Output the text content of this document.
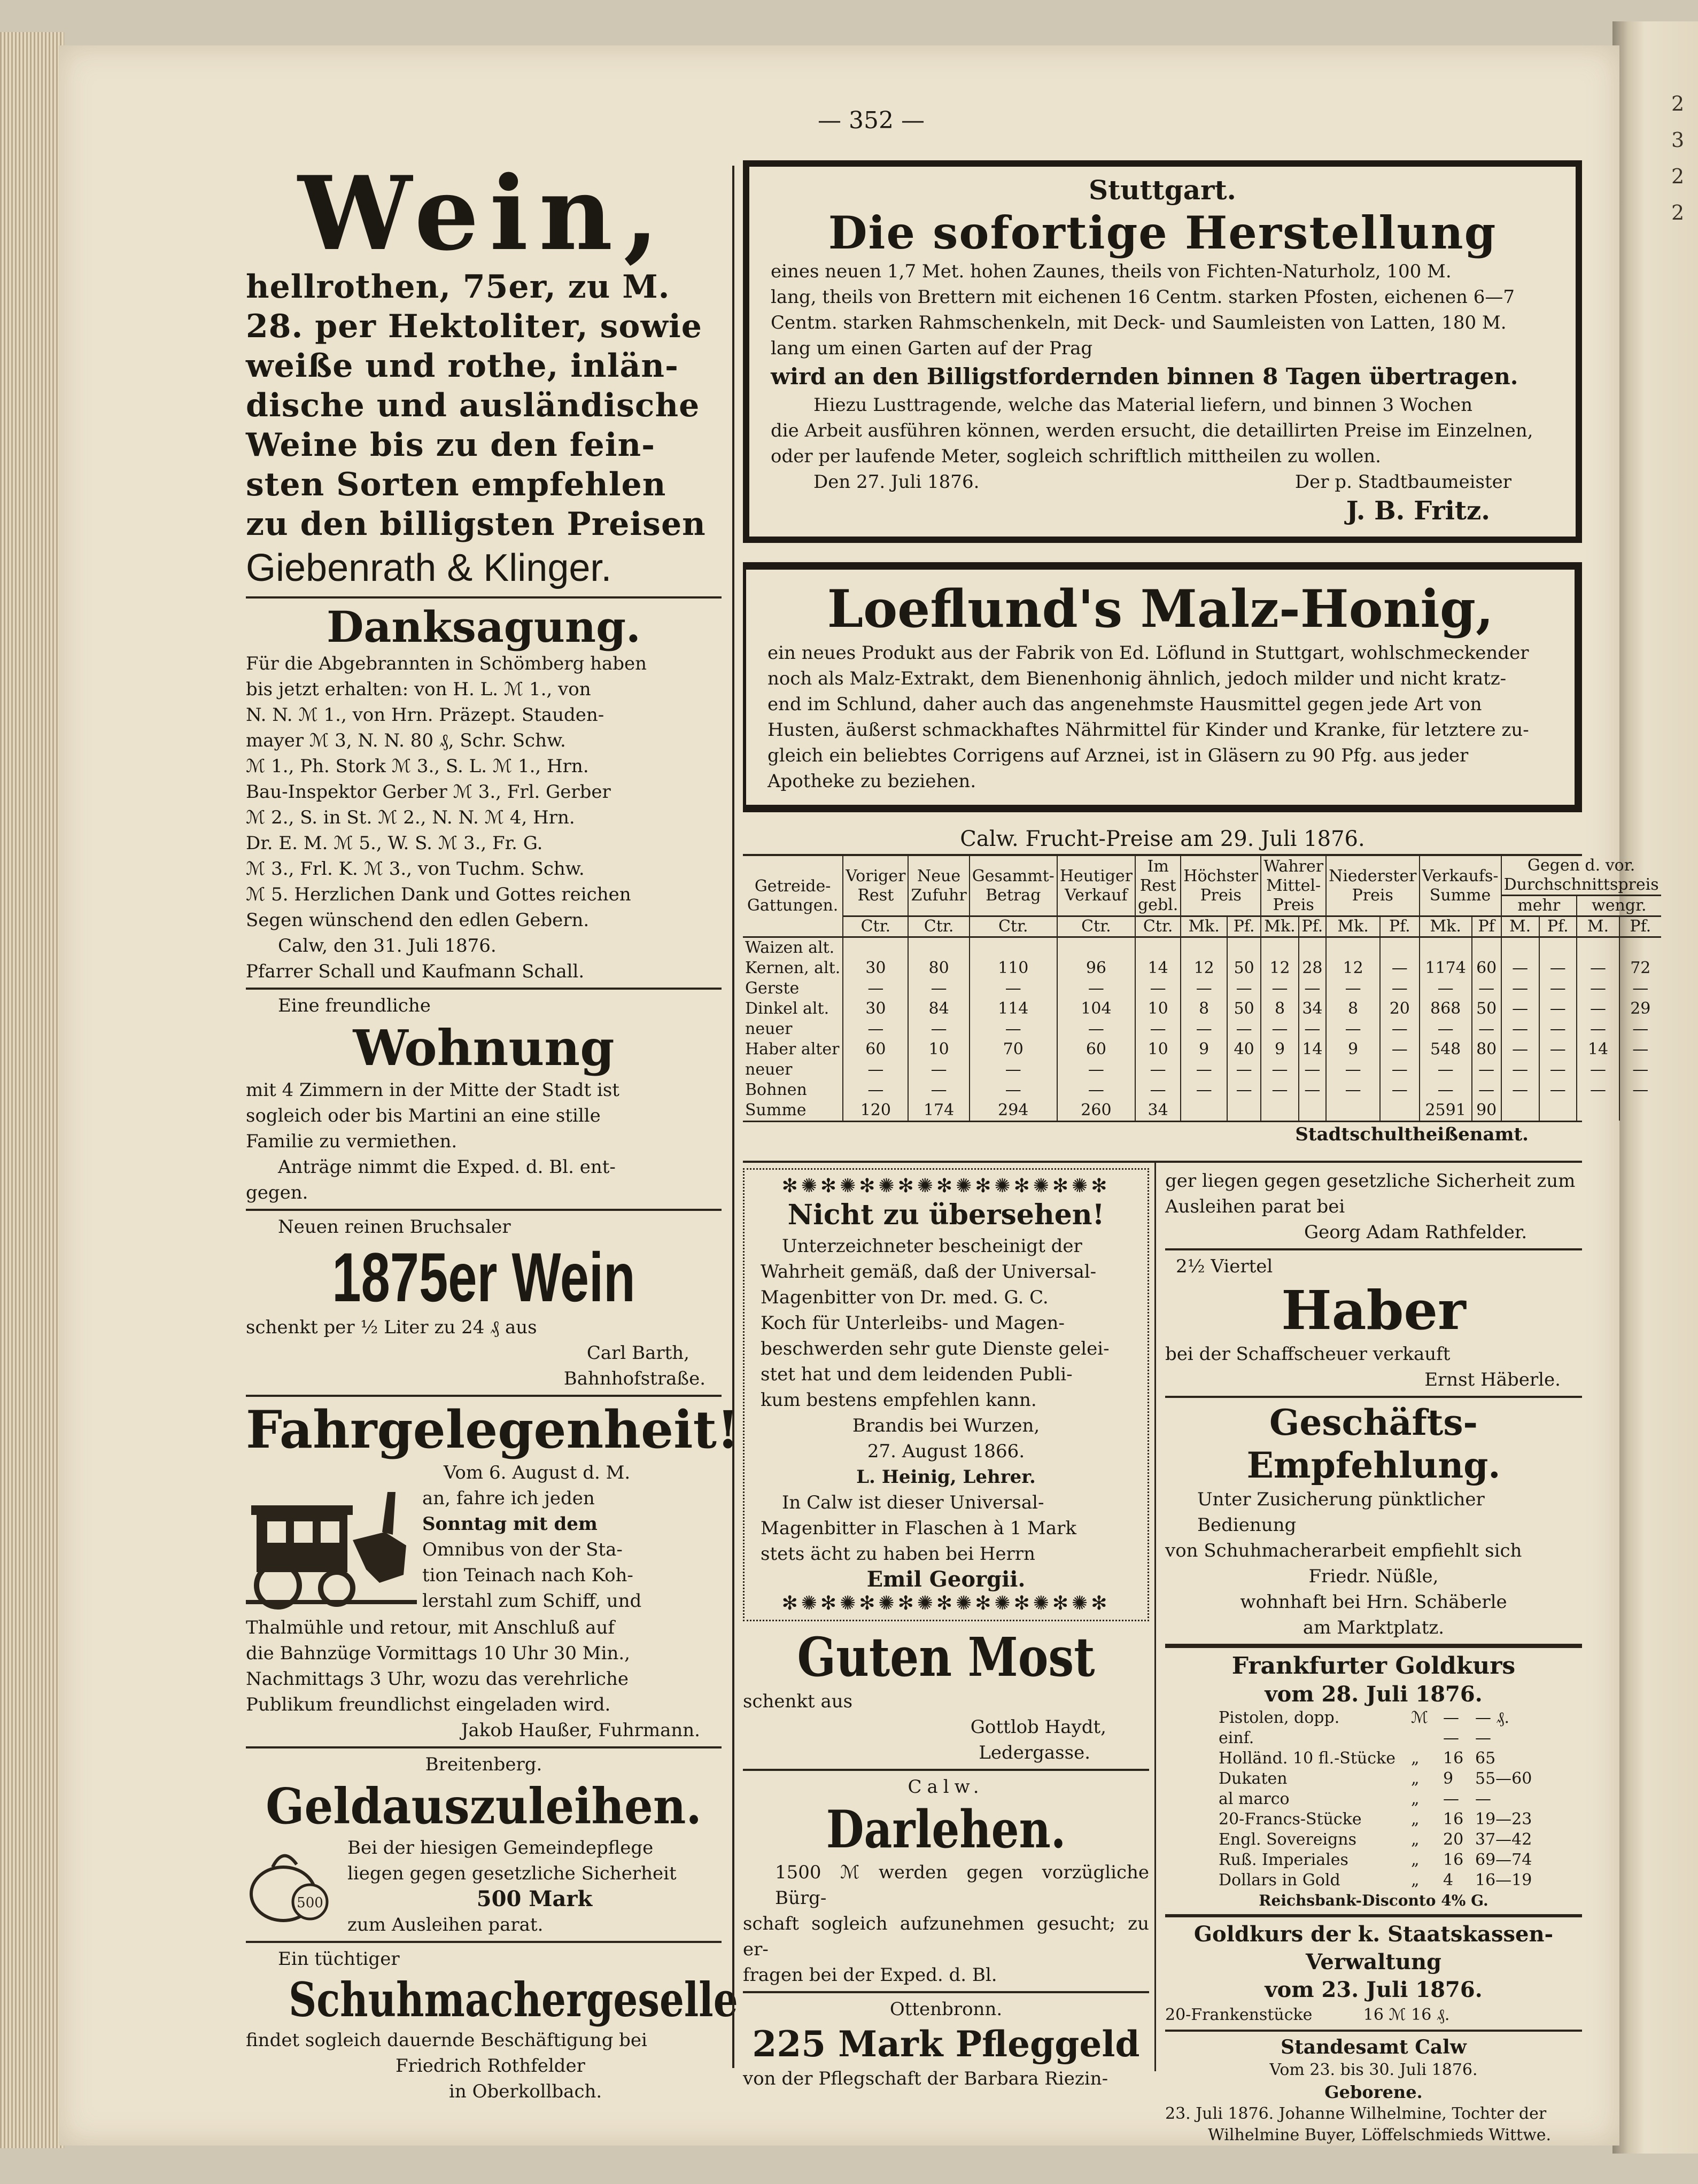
2
3
2
2
— 352 —
Wein,

hellrothen, 75er, zu M.

28. per Hektoliter, sowie

weiße und rothe, inlän-

dische und ausländische

Weine bis zu den fein-

sten Sorten empfehlen

zu den billigsten Preisen

Giebenrath & Klinger.
Danksagung.

Für die Abgebrannten in Schömberg haben

bis jetzt erhalten: von H. L. ℳ 1., von

N. N. ℳ 1., von Hrn. Präzept. Stauden-

mayer ℳ 3, N. N. 80 ₰, Schr. Schw.

ℳ 1., Ph. Stork ℳ 3., S. L. ℳ 1., Hrn.

Bau-Inspektor Gerber ℳ 3., Frl. Gerber

ℳ 2., S. in St. ℳ 2., N. N. ℳ 4, Hrn.

Dr. E. M. ℳ 5., W. S. ℳ 3., Fr. G.

ℳ 3., Frl. K. ℳ 3., von Tuchm. Schw.

ℳ 5. Herzlichen Dank und Gottes reichen

Segen wünschend den edlen Gebern.

Calw, den 31. Juli 1876.

Pfarrer Schall und Kaufmann Schall.

Eine freundliche
Wohnung

mit 4 Zimmern in der Mitte der Stadt ist

sogleich oder bis Martini an eine stille

Familie zu vermiethen.

Anträge nimmt die Exped. d. Bl. ent-

gegen.

Neuen reinen Bruchsaler
1875er Wein

schenkt per ½ Liter zu 24 ₰ aus

Carl Barth,

Bahnhofstraße.

Fahrgelegenheit!

Vom 6. August d. M.

an, fahre ich jeden

Sonntag mit dem

Omnibus von der Sta-

tion Teinach nach Koh-

lerstahl zum Schiff, und

Thalmühle und retour, mit Anschluß auf

die Bahnzüge Vormittags 10 Uhr 30 Min.,

Nachmittags 3 Uhr, wozu das verehrliche

Publikum freundlichst eingeladen wird.

Jakob Haußer, Fuhrmann.

Breitenberg.
Geldauszuleihen.
500

Bei der hiesigen Gemeindepflege

liegen gegen gesetzliche Sicherheit

500 Mark

zum Ausleihen parat.

Ein tüchtiger
Schuhmachergeselle

findet sogleich dauernde Beschäftigung bei

Friedrich Rothfelder

in Oberkollbach.

Stuttgart.
Die sofortige Herstellung

eines neuen 1,7 Met. hohen Zaunes, theils von Fichten-Naturholz, 100 M.

lang, theils von Brettern mit eichenen 16 Centm. starken Pfosten, eichenen 6—7

Centm. starken Rahmschenkeln, mit Deck- und Saumleisten von Latten, 180 M.

lang um einen Garten auf der Prag

wird an den Billigstfordernden binnen 8 Tagen übertragen.

Hiezu Lusttragende, welche das Material liefern, und binnen 3 Wochen

die Arbeit ausführen können, werden ersucht, die detaillirten Preise im Einzelnen,

oder per laufende Meter, sogleich schriftlich mittheilen zu wollen.

Den 27. Juli 1876.	Der p. Stadtbaumeister

J. B. Fritz.

Loeflund's Malz-Honig,

ein neues Produkt aus der Fabrik von Ed. Löflund in Stuttgart, wohlschmeckender

noch als Malz-Extrakt, dem Bienenhonig ähnlich, jedoch milder und nicht kratz-

end im Schlund, daher auch das angenehmste Hausmittel gegen jede Art von

Husten, äußerst schmackhaftes Nährmittel für Kinder und Kranke, für letztere zu-

gleich ein beliebtes Corrigens auf Arznei, ist in Gläsern zu 90 Pfg. aus jeder

Apotheke zu beziehen.

Calw. Frucht-Preise am 29. Juli 1876.
Getreide-Gattungen.	Voriger Rest	Neue Zufuhr	Gesammt-Betrag	Heutiger Verkauf	Im Rest gebl.	Höchster Preis		Wahrer Mittel-Preis		Niederster Preis		Verkaufs-Summe		Gegen d. vor. Durchschnittspreis			
														mehr		wengr.	
	Ctr.	Ctr.	Ctr.	Ctr.	Ctr.	Mk.	Pf.	Mk.	Pf.	Mk.	Pf.	Mk.	Pf	M.	Pf.	M.	Pf.
Waizen alt.																	
Kernen, alt.	30	80	110	96	14	12	50	12	28	12	—	1174	60	—	—	—	72
Gerste	—	—	—	—	—	—	—	—	—	—	—	—	—	—	—	—	—
Dinkel alt.	30	84	114	104	10	8	50	8	34	8	20	868	50	—	—	—	29
neuer	—	—	—	—	—	—	—	—	—	—	—	—	—	—	—	—	—
Haber alter	60	10	70	60	10	9	40	9	14	9	—	548	80	—	—	14	—
neuer	—	—	—	—	—	—	—	—	—	—	—	—	—	—	—	—	—
Bohnen	—	—	—	—	—	—	—	—	—	—	—	—	—	—	—	—	—
Summe	120	174	294	260	34							2591	90				
Stadtschultheißenamt.
✻✺✻✺✻✺✻✺✻✺✻✺✻✺✻✺✻
Nicht zu übersehen!

Unterzeichneter bescheinigt der

Wahrheit gemäß, daß der Universal-

Magenbitter von Dr. med. G. C.

Koch für Unterleibs- und Magen-

beschwerden sehr gute Dienste gelei-

stet hat und dem leidenden Publi-

kum bestens empfehlen kann.

Brandis bei Wurzen,

27. August 1866.

L. Heinig, Lehrer.

In Calw ist dieser Universal-

Magenbitter in Flaschen à 1 Mark

stets ächt zu haben bei Herrn

Emil Georgii.

✻✺✻✺✻✺✻✺✻✺✻✺✻✺✻✺✻
Guten Most

schenkt aus

Gottlob Haydt,

Ledergasse.

Calw.
Darlehen.

1500 ℳ werden gegen vorzügliche Bürg-

schaft sogleich aufzunehmen gesucht; zu er-

fragen bei der Exped. d. Bl.

Ottenbronn.
225 Mark Pfleggeld
von der Pflegschaft der Barbara Riezin-

ger liegen gegen gesetzliche Sicherheit zum

Ausleihen parat bei

Georg Adam Rathfelder.

2½ Viertel
Haber

bei der Schaffscheuer verkauft

Ernst Häberle.

Geschäfts-Empfehlung.

Unter Zusicherung pünktlicher Bedienung

von Schuhmacherarbeit empfiehlt sich

Friedr. Nüßle,

wohnhaft bei Hrn. Schäberle

am Marktplatz.

Frankfurter Goldkurs
vom 28. Juli 1876.
Pistolen, dopp.	ℳ —	— ₰.
einf.	—	—
Holländ. 10 fl.-Stücke „	16 65
Dukaten	„	9	55—60
al marco	„	—	—
20-Francs-Stücke	„	16 19—23
Engl. Sovereigns	„	20 37—42
Ruß. Imperiales	„	16 69—74
Dollars in Gold	„	4	16—19
Reichsbank-Disconto 4% G.
Goldkurs der k. Staatskassen-
Verwaltung
vom 23. Juli 1876.
20-Frankenstücke          16 ℳ 16 ₰.
Standesamt Calw
Vom 23. bis 30. Juli 1876.
Geborene.

23. Juli 1876. Johanne Wilhelmine, Tochter der

Wilhelmine Buyer, Löffelschmieds Wittwe.
